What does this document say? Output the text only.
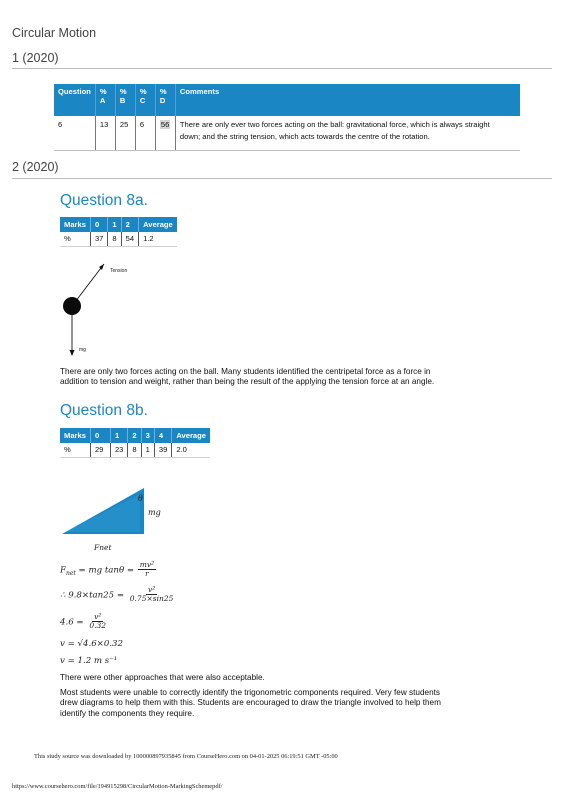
Circular Motion
1 (2020)
Question	% A	% B	% C	% D	Comments
6	13	25	6	56	There are only ever two forces acting on the ball: gravitational force, which is always straight
down; and the string tension, which acts towards the centre of the rotation.
2 (2020)
Question 8a.
Marks	0	1	2	Average
%	37	8	54	1.2
Tension
mg
There are only two forces acting on the ball. Many students identified the centripetal force as a force in
addition to tension and weight, rather than being the result of the applying the tension force at an angle.
Question 8b.
Marks	0	1	2	3	4	Average
%	29	23	8	1	39	2.0
θ
mg
Fnet
$F_{net}$ = mg $\tan\theta = \frac{\text{mv²}}{r}$
∴ $9.8\times\tan 25 = \frac{\text{v²}}{0.75\times\sin 25}$
$4.6 = \frac{\text{v²}}{0.32}$
v = √4.6×0.32
v = 1.2 m s⁻¹
There were other approaches that were also acceptable.
Most students were unable to correctly identify the trigonometric components required. Very few students
drew diagrams to help them with this. Students are encouraged to draw the triangle involved to help them
identify the components they require.
This study source was downloaded by 100000897935845 from CourseHero.com on 04-01-2025 06:19:51 GMT -05:00
https://www.coursehero.com/file/194915298/CircularMotion-MarkingSchemepdf/
